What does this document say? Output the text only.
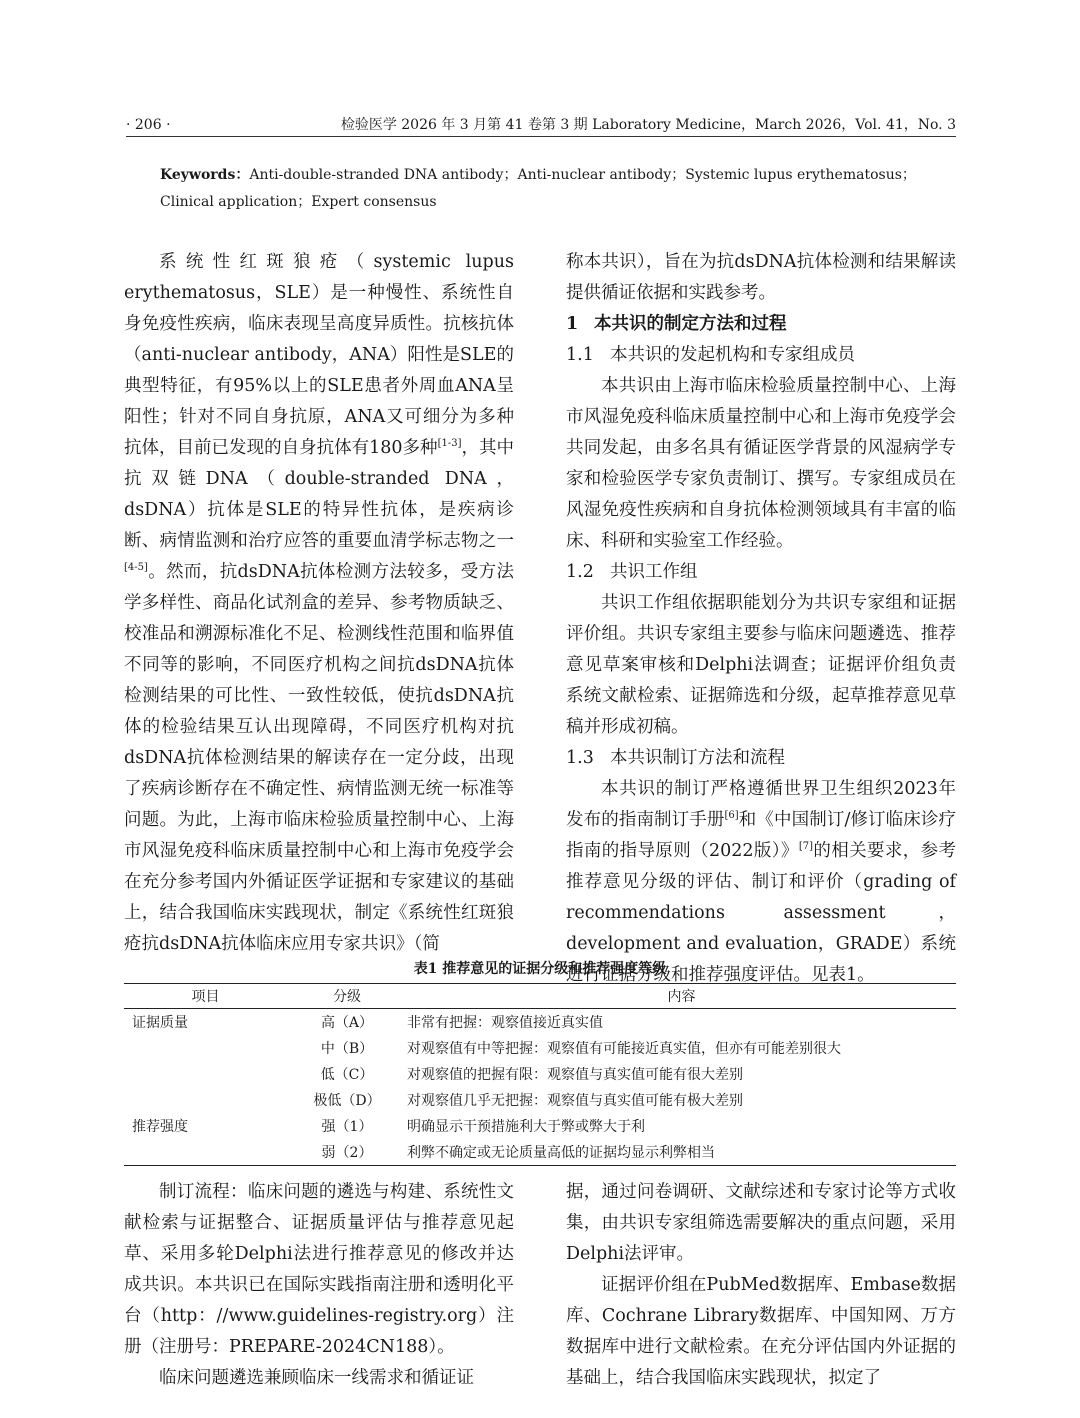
· 206 ·	检验医学 2026 年 3 月第 41 卷第 3 期 Laboratory Medicine，March 2026，Vol. 41，No. 3
Keywords：Anti-double-stranded DNA antibody；Anti-nuclear antibody；Systemic lupus erythematosus；Clinical application；Expert consensus

系统性红斑狼疮（systemic lupus erythematosus，SLE）是一种慢性、系统性自身免疫性疾病，临床表现呈高度异质性。抗核抗体（anti-nuclear antibody，ANA）阳性是SLE的典型特征，有95%以上的SLE患者外周血ANA呈阳性；针对不同自身抗原，ANA又可细分为多种抗体，目前已发现的自身抗体有180多种[1-3]，其中抗双链DNA（double-stranded DNA，dsDNA）抗体是SLE的特异性抗体，是疾病诊断、病情监测和治疗应答的重要血清学标志物之一[4-5]。然而，抗dsDNA抗体检测方法较多，受方法学多样性、商品化试剂盒的差异、参考物质缺乏、校准品和溯源标准化不足、检测线性范围和临界值不同等的影响，不同医疗机构之间抗dsDNA抗体检测结果的可比性、一致性较低，使抗dsDNA抗体的检验结果互认出现障碍，不同医疗机构对抗dsDNA抗体检测结果的解读存在一定分歧，出现了疾病诊断存在不确定性、病情监测无统一标准等问题。为此，上海市临床检验质量控制中心、上海市风湿免疫科临床质量控制中心和上海市免疫学会在充分参考国内外循证医学证据和专家建议的基础上，结合我国临床实践现状，制定《系统性红斑狼疮抗dsDNA抗体临床应用专家共识》（简

称本共识），旨在为抗dsDNA抗体检测和结果解读提供循证依据和实践参考。

1 本共识的制定方法和过程

1.1 本共识的发起机构和专家组成员

本共识由上海市临床检验质量控制中心、上海市风湿免疫科临床质量控制中心和上海市免疫学会共同发起，由多名具有循证医学背景的风湿病学专家和检验医学专家负责制订、撰写。专家组成员在风湿免疫性疾病和自身抗体检测领域具有丰富的临床、科研和实验室工作经验。

1.2 共识工作组

共识工作组依据职能划分为共识专家组和证据评价组。共识专家组主要参与临床问题遴选、推荐意见草案审核和Delphi法调查；证据评价组负责系统文献检索、证据筛选和分级，起草推荐意见草稿并形成初稿。

1.3 本共识制订方法和流程

本共识的制订严格遵循世界卫生组织2023年发布的指南制订手册[6]和《中国制订/修订临床诊疗指南的指导原则（2022版）》[7]的相关要求，参考推荐意见分级的评估、制订和评价（grading of recommendations assessment，development and evaluation，GRADE）系统进行证据分级和推荐强度评估。见表1。

表1 推荐意见的证据分级和推荐强度等级
项目	分级	内容
证据质量	高（A）	非常有把握：观察值接近真实值
	中（B）	对观察值有中等把握：观察值有可能接近真实值，但亦有可能差别很大
	低（C）	对观察值的把握有限：观察值与真实值可能有很大差别
	极低（D）	对观察值几乎无把握：观察值与真实值可能有极大差别
推荐强度	强（1）	明确显示干预措施利大于弊或弊大于利
	弱（2）	利弊不确定或无论质量高低的证据均显示利弊相当

制订流程：临床问题的遴选与构建、系统性文献检索与证据整合、证据质量评估与推荐意见起草、采用多轮Delphi法进行推荐意见的修改并达成共识。本共识已在国际实践指南注册和透明化平台（http：//www.guidelines-registry.org）注册（注册号：PREPARE-2024CN188）。

临床问题遴选兼顾临床一线需求和循证证

据，通过问卷调研、文献综述和专家讨论等方式收集，由共识专家组筛选需要解决的重点问题，采用Delphi法评审。

证据评价组在PubMed数据库、Embase数据库、Cochrane Library数据库、中国知网、万方数据库中进行文献检索。在充分评估国内外证据的基础上，结合我国临床实践现状，拟定了
